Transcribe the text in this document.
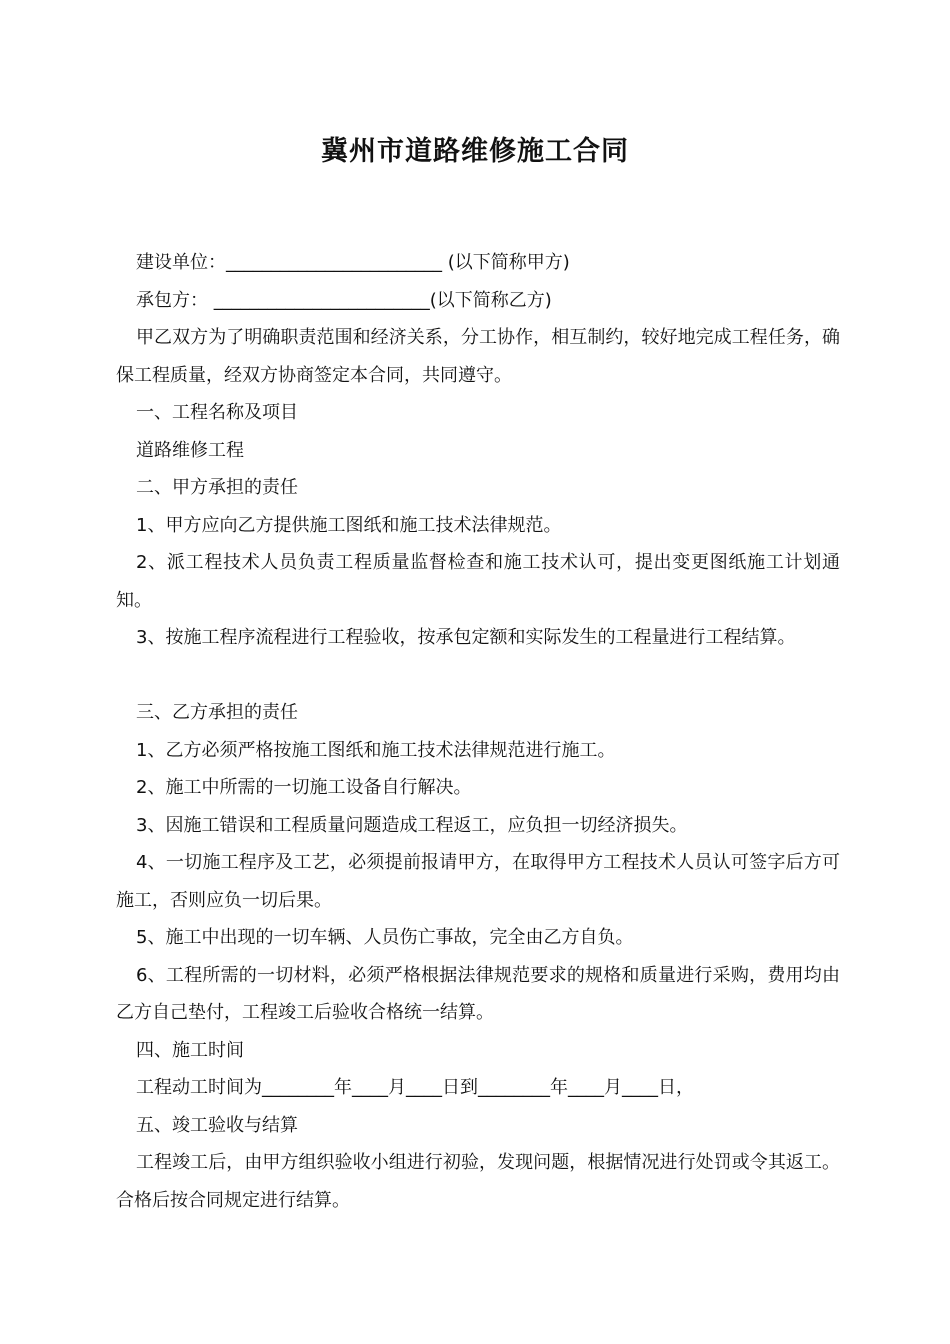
冀州市道路维修施工合同
建设单位：________________________ (以下简称甲方)
承包方： ________________________(以下简称乙方)
甲乙双方为了明确职责范围和经济关系，分工协作，相互制约，较好地完成工程任务，确保工程质量，经双方协商签定本合同，共同遵守。
一、工程名称及项目
道路维修工程
二、甲方承担的责任
1、甲方应向乙方提供施工图纸和施工技术法律规范。
2、派工程技术人员负责工程质量监督检查和施工技术认可，提出变更图纸施工计划通知。
3、按施工程序流程进行工程验收，按承包定额和实际发生的工程量进行工程结算。
三、乙方承担的责任
1、乙方必须严格按施工图纸和施工技术法律规范进行施工。
2、施工中所需的一切施工设备自行解决。
3、因施工错误和工程质量问题造成工程返工，应负担一切经济损失。
4、一切施工程序及工艺，必须提前报请甲方，在取得甲方工程技术人员认可签字后方可施工，否则应负一切后果。
5、施工中出现的一切车辆、人员伤亡事故，完全由乙方自负。
6、工程所需的一切材料，必须严格根据法律规范要求的规格和质量进行采购，费用均由乙方自己垫付，工程竣工后验收合格统一结算。
四、施工时间
工程动工时间为________年____月____日到________年____月____日，
五、竣工验收与结算
工程竣工后，由甲方组织验收小组进行初验，发现问题，根据情况进行处罚或令其返工。合格后按合同规定进行结算。
